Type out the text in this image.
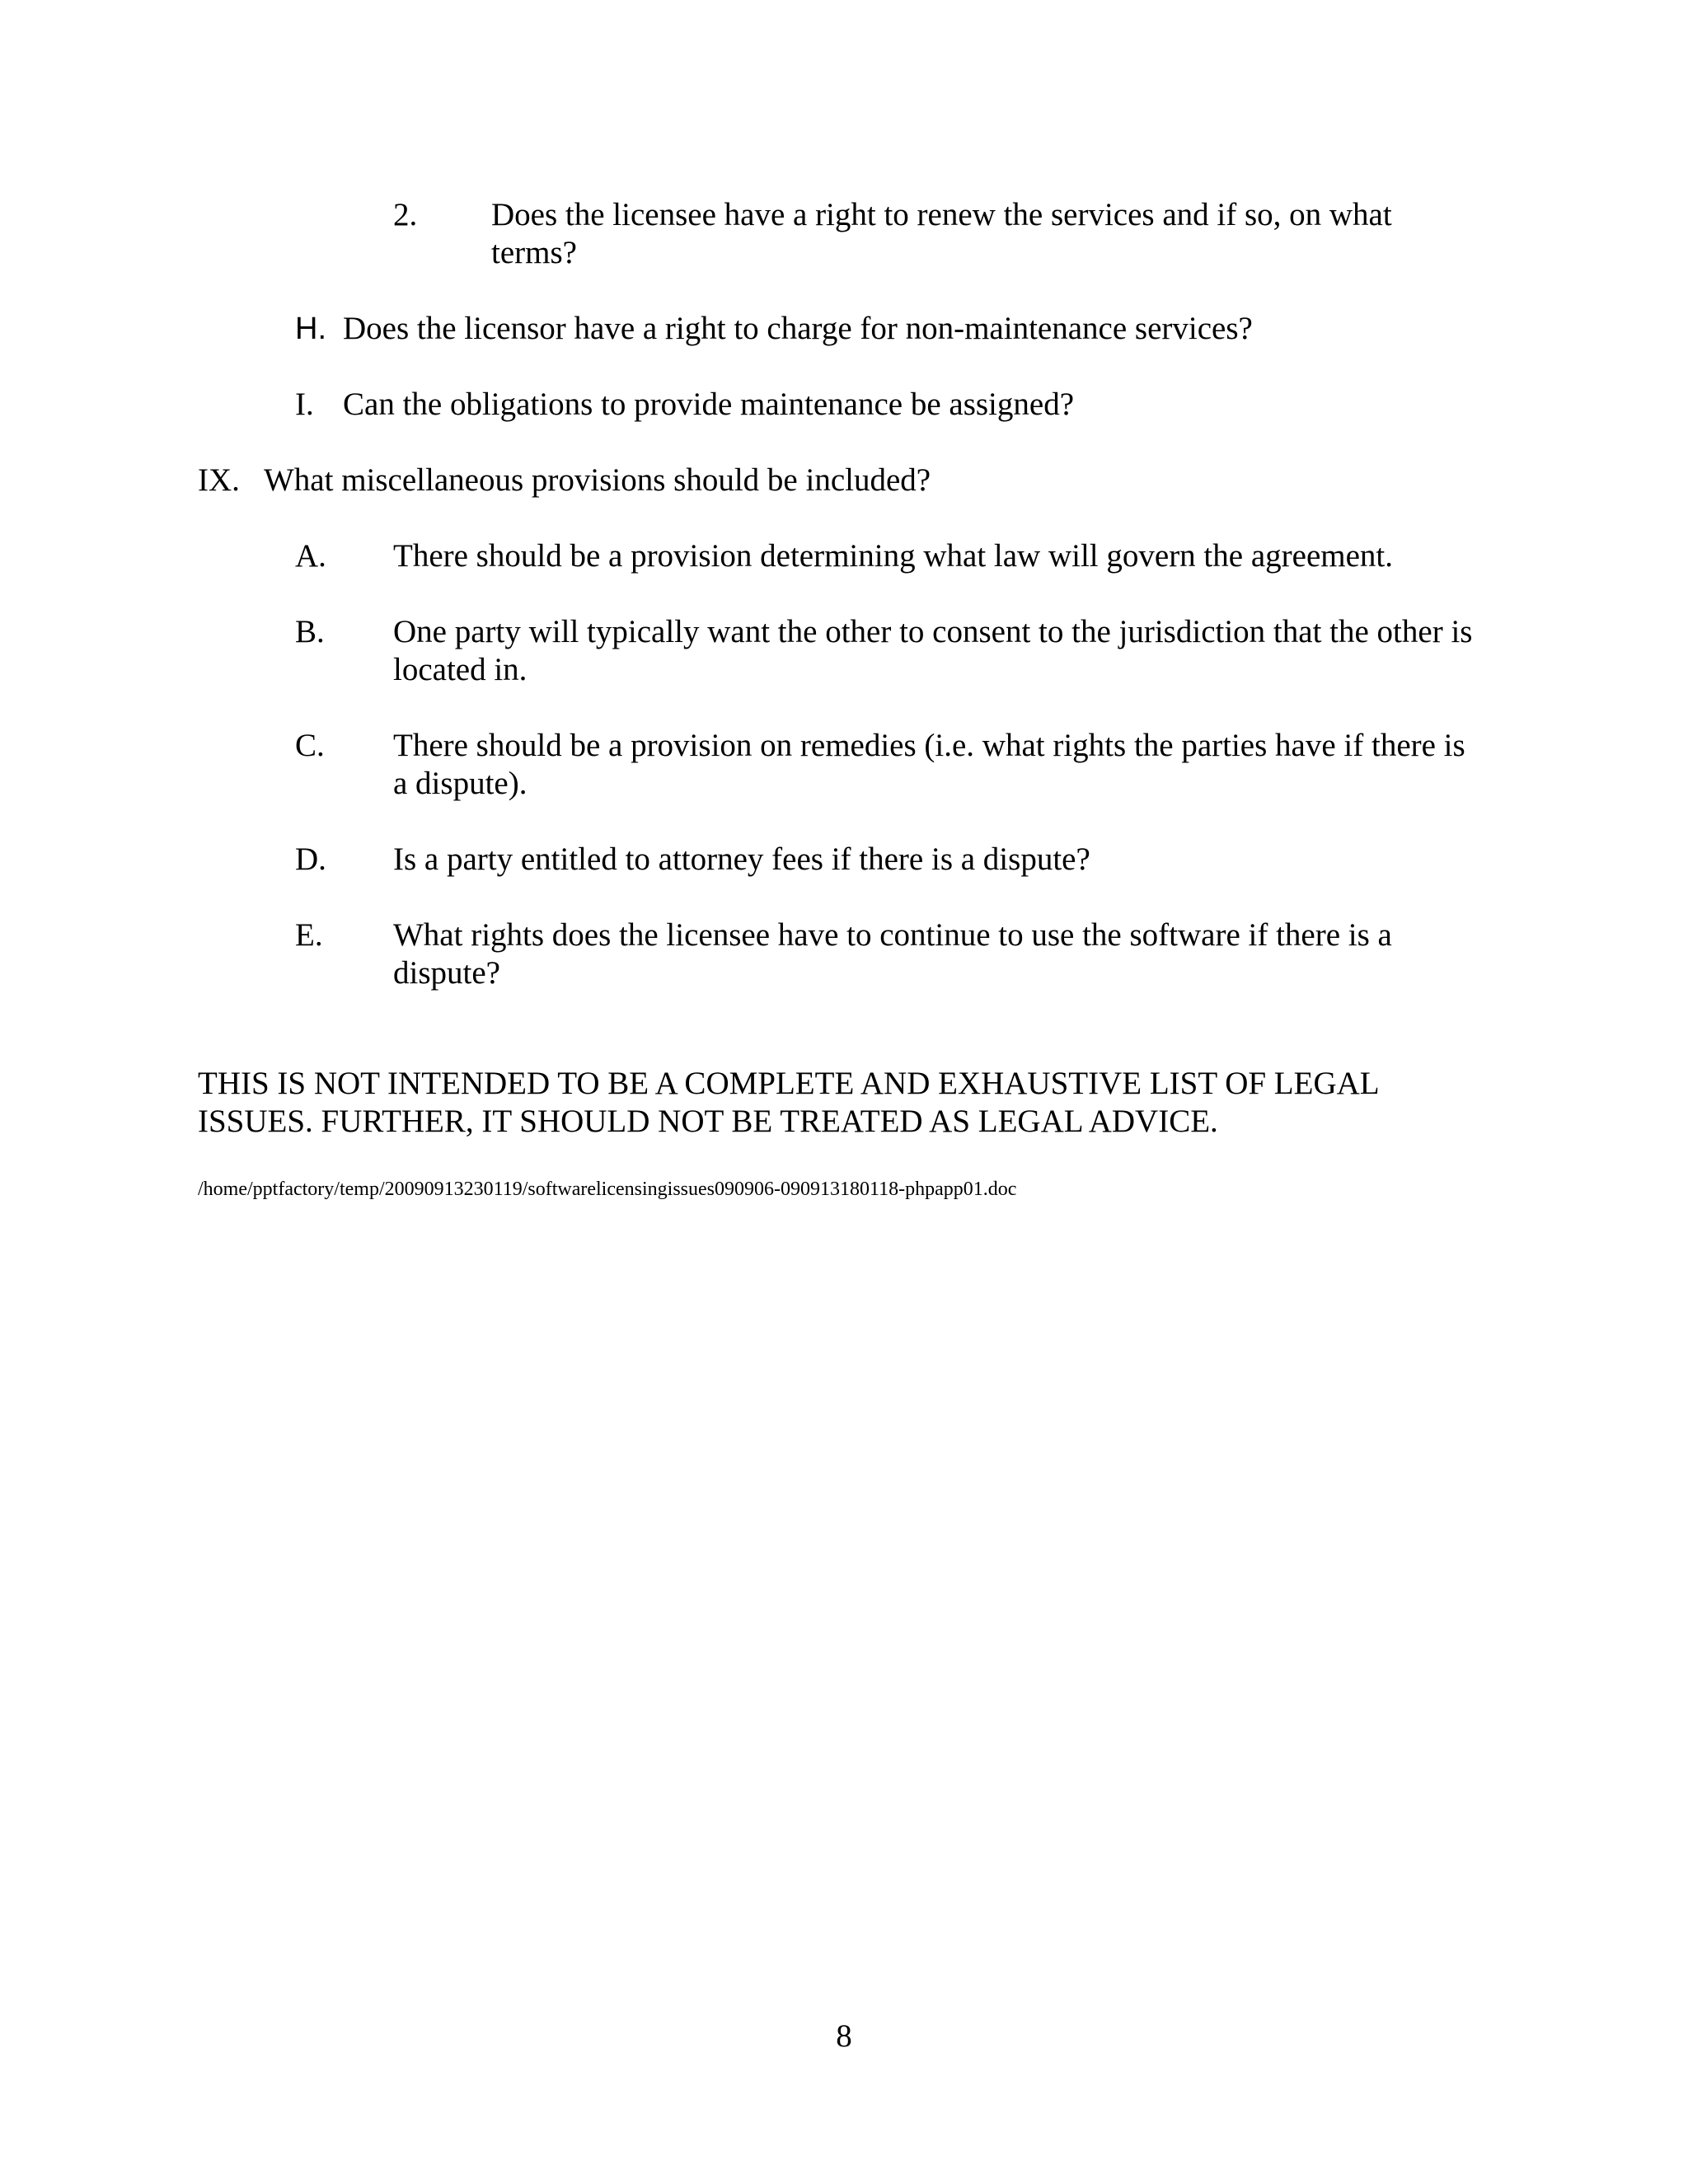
2. Does the licensee have a right to renew the services and if so, on what terms?
H. Does the licensor have a right to charge for non-maintenance services?
I. Can the obligations to provide maintenance be assigned?
IX. What miscellaneous provisions should be included?
A. There should be a provision determining what law will govern the agreement.
B. One party will typically want the other to consent to the jurisdiction that the other is located in.
C. There should be a provision on remedies (i.e. what rights the parties have if there is a dispute).
D. Is a party entitled to attorney fees if there is a dispute?
E. What rights does the licensee have to continue to use the software if there is a dispute?
THIS IS NOT INTENDED TO BE A COMPLETE AND EXHAUSTIVE LIST OF LEGAL ISSUES. FURTHER, IT SHOULD NOT BE TREATED AS LEGAL ADVICE.
/home/pptfactory/temp/20090913230119/softwarelicensingissues090906-090913180118-phpapp01.doc
8
